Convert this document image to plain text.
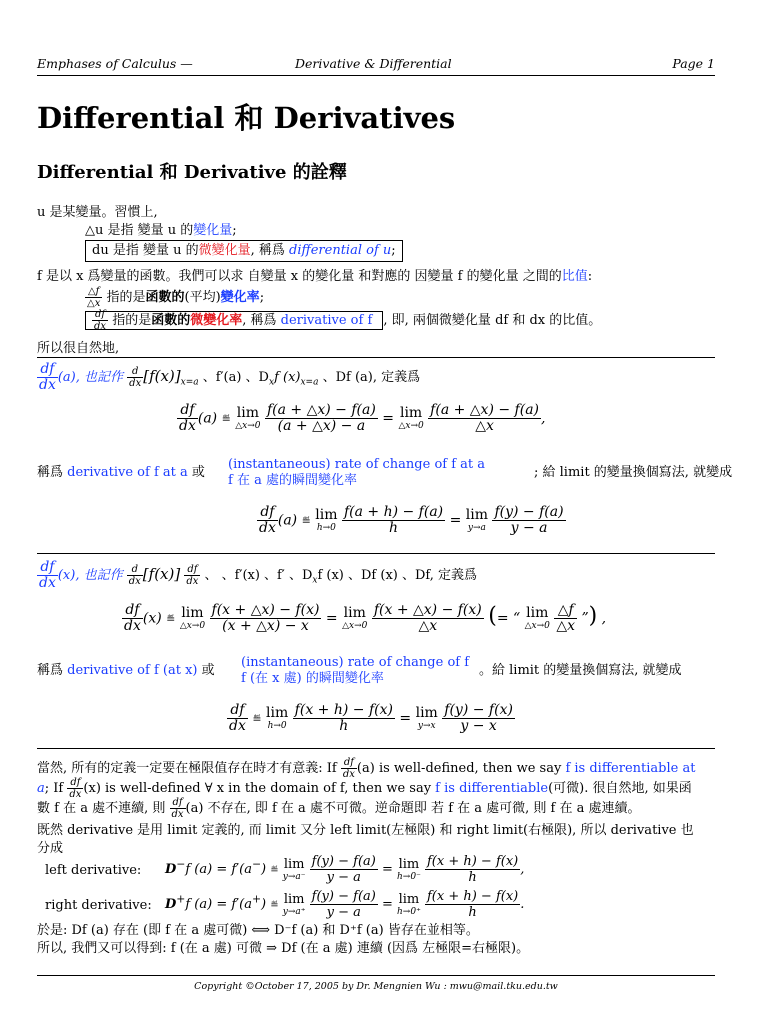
Emphases of Calculus —	Derivative & Differential	Page 1
Differential 和 Derivatives
Differential 和 Derivative 的詮釋
u 是某變量。習慣上,
△u 是指 變量 u 的變化量;
du 是指 變量 u 的微變化量, 稱爲 differential of u;
f 是以 x 爲變量的函數。我們可以求 自變量 x 的變化量 和對應的 因變量 f 的變化量 之間的比值:
$\frac{\triangle f}{\triangle x}$ 指的是函數的(平均)變化率;
$\frac{df}{dx}$ 指的是函數的微變化率, 稱爲 derivative of f , 即, 兩個微變化量 df 和 dx 的比值。
所以很自然地,
$\frac{df}{dx} (a)$, 也記作 $\frac{d}{dx} [f(x)]_{x=a}$ 、f′(a) 、$D_xf$ $(x)_{x=a}$ 、Df (a), 定義爲
$\frac{df}{dx} (a)$ ≝ lim
△x→0
$\frac{f(a + \triangle x) - f(a)}{(a + \triangle x) - a} = \lim$
△x→0
$\frac{f(a + \triangle x) - f(a)}{\triangle x}$ ,
稱爲 derivative of f at a 或
(instantaneous) rate of change of f at a
f 在 a 處的瞬間變化率
; 給 limit 的變量換個寫法, 就變成
$\frac{df}{dx} (a)$ ≝ lim
h→0
$\frac{f(a + h) - f(a)}{h} = \lim$
y→a
$\frac{f(y) - f(a)}{y - a}$
$\frac{df}{dx} (x)$, 也記作 $\frac{d}{dx} [f(x)] \frac{df}{dx}$ 、 、f′(x) 、f′ 、$D_xf$ (x) 、Df (x) 、Df, 定義爲
$\frac{df}{dx} (x)$ ≝ lim
△x→0
$\frac{f(x + \triangle x) - f(x)}{(x + \triangle x) - x} = \lim$
△x→0
$\frac{f(x + \triangle x) - f(x)}{\triangle x}$ (= “ lim
△x→0
$\frac{\triangle f}{\triangle x}$ ”) ,
稱爲 derivative of f (at x) 或
(instantaneous) rate of change of f
f (在 x 處) 的瞬間變化率
。給 limit 的變量換個寫法, 就變成
$\frac{df}{dx}$ ≝ lim
h→0
$\frac{f(x + h) - f(x)}{h} = \lim$
y→x
$\frac{f(y) - f(x)}{y - x}$
當然, 所有的定義一定要在極限值存在時才有意義: If $\frac{df}{dx} (a)$ is well-defined, then we say f is differentiable at
a; If $\frac{df}{dx} (x)$ is well-defined ∀ x in the domain of f, then we say f is differentiable(可微). 很自然地, 如果函
數 f 在 a 處不連續, 則 $\frac{df}{dx} (a)$ 不存在, 即 f 在 a 處不可微。逆命題即 若 f 在 a 處可微, 則 f 在 a 處連續。
既然 derivative 是用 limit 定義的, 而 limit 又分 left limit(左極限) 和 right limit(右極限), 所以 derivative 也
分成
left derivative: D−f (a) = f′(a−) ≝ lim
y→a⁻
$\frac{f(y) - f(a)}{y - a} = \lim$
h→0⁻
$\frac{f(x + h) - f(x)}{h}$ ,
right derivative: D+f (a) = f′(a+) ≝ lim
y→a⁺
$\frac{f(y) - f(a)}{y - a} = \lim$
h→0⁺
$\frac{f(x + h) - f(x)}{h}$ .
於是: Df (a) 存在 (即 f 在 a 處可微) ⟺ D⁻f (a) 和 D⁺f (a) 皆存在並相等。
所以, 我們又可以得到: f (在 a 處) 可微 ⇒ Df (在 a 處) 連續 (因爲 左極限=右極限)。
Copyright ©October 17, 2005 by Dr. Mengnien Wu : mwu@mail.tku.edu.tw
